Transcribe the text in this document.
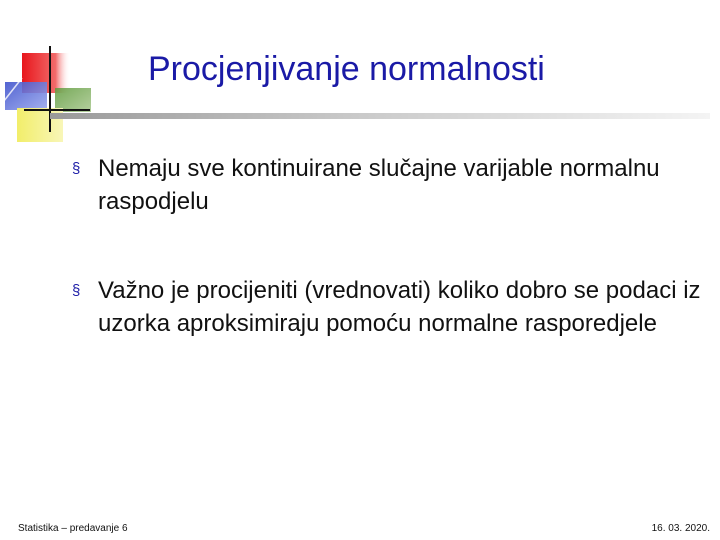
Procjenjivanje normalnosti
§ Nemaju sve kontinuirane slučajne varijable normalnu raspodjelu
§ Važno je procijeniti (vrednovati) koliko dobro se podaci iz uzorka aproksimiraju pomoću normalne rasporedjele
Statistika – predavanje 6	16. 03. 2020.
